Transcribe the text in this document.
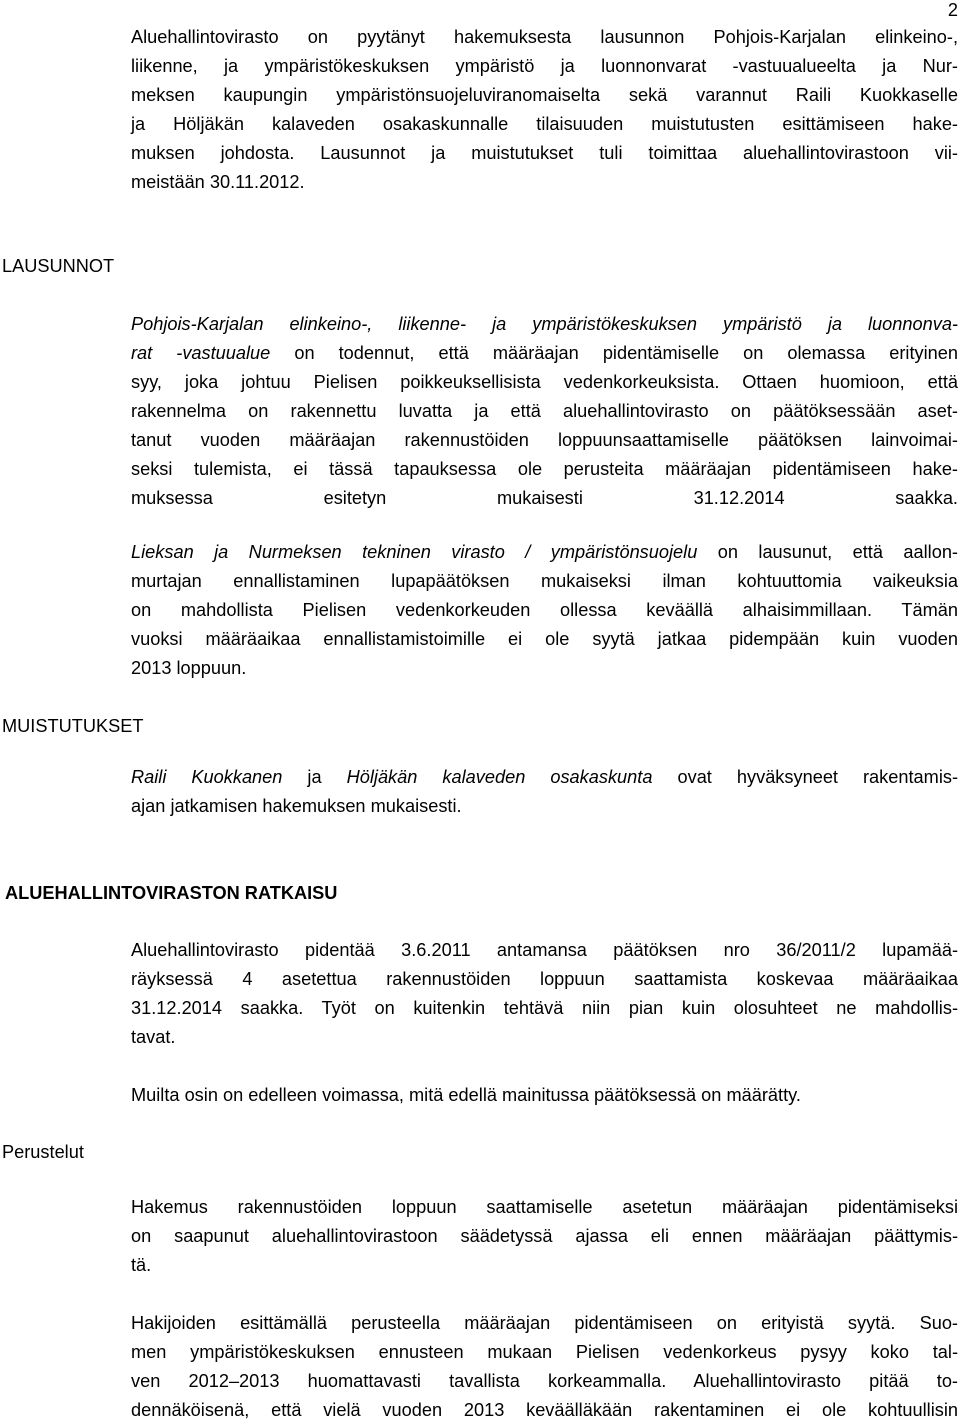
2
Aluehallintovirasto on pyytänyt hakemuksesta lausunnon Pohjois-Karjalan elinkeino-,
liikenne, ja ympäristökeskuksen ympäristö ja luonnonvarat -vastuualueelta ja Nur-
meksen kaupungin ympäristönsuojeluviranomaiselta sekä varannut Raili Kuokkaselle
ja Höljäkän kalaveden osakaskunnalle tilaisuuden muistutusten esittämiseen hake-
muksen johdosta. Lausunnot ja muistutukset tuli toimittaa aluehallintovirastoon vii-
meistään 30.11.2012.
LAUSUNNOT
Pohjois-Karjalan elinkeino-, liikenne- ja ympäristökeskuksen ympäristö ja luonnonva-
rat -vastuualue on todennut, että määräajan pidentämiselle on olemassa erityinen
syy, joka johtuu Pielisen poikkeuksellisista vedenkorkeuksista. Ottaen huomioon, että
rakennelma on rakennettu luvatta ja että aluehallintovirasto on päätöksessään aset-
tanut vuoden määräajan rakennustöiden loppuunsaattamiselle päätöksen lainvoimai-
seksi tulemista, ei tässä tapauksessa ole perusteita määräajan pidentämiseen hake-
muksessa esitetyn mukaisesti 31.12.2014 saakka.
Lieksan ja Nurmeksen tekninen virasto / ympäristönsuojelu on lausunut, että aallon-
murtajan ennallistaminen lupapäätöksen mukaiseksi ilman kohtuuttomia vaikeuksia
on mahdollista Pielisen vedenkorkeuden ollessa keväällä alhaisimmillaan. Tämän
vuoksi määräaikaa ennallistamistoimille ei ole syytä jatkaa pidempään kuin vuoden
2013 loppuun.
MUISTUTUKSET
Raili Kuokkanen ja Höljäkän kalaveden osakaskunta ovat hyväksyneet rakentamis-
ajan jatkamisen hakemuksen mukaisesti.
ALUEHALLINTOVIRASTON RATKAISU
Aluehallintovirasto pidentää 3.6.2011 antamansa päätöksen nro 36/2011/2 lupamää-
räyksessä 4 asetettua rakennustöiden loppuun saattamista koskevaa määräaikaa
31.12.2014 saakka. Työt on kuitenkin tehtävä niin pian kuin olosuhteet ne mahdollis-
tavat.
Muilta osin on edelleen voimassa, mitä edellä mainitussa päätöksessä on määrätty.
Perustelut
Hakemus rakennustöiden loppuun saattamiselle asetetun määräajan pidentämiseksi
on saapunut aluehallintovirastoon säädetyssä ajassa eli ennen määräajan päättymis-
tä.
Hakijoiden esittämällä perusteella määräajan pidentämiseen on erityistä syytä. Suo-
men ympäristökeskuksen ennusteen mukaan Pielisen vedenkorkeus pysyy koko tal-
ven 2012–2013 huomattavasti tavallista korkeammalla. Aluehallintovirasto pitää to-
dennäköisenä, että vielä vuoden 2013 keväälläkään rakentaminen ei ole kohtuullisin
